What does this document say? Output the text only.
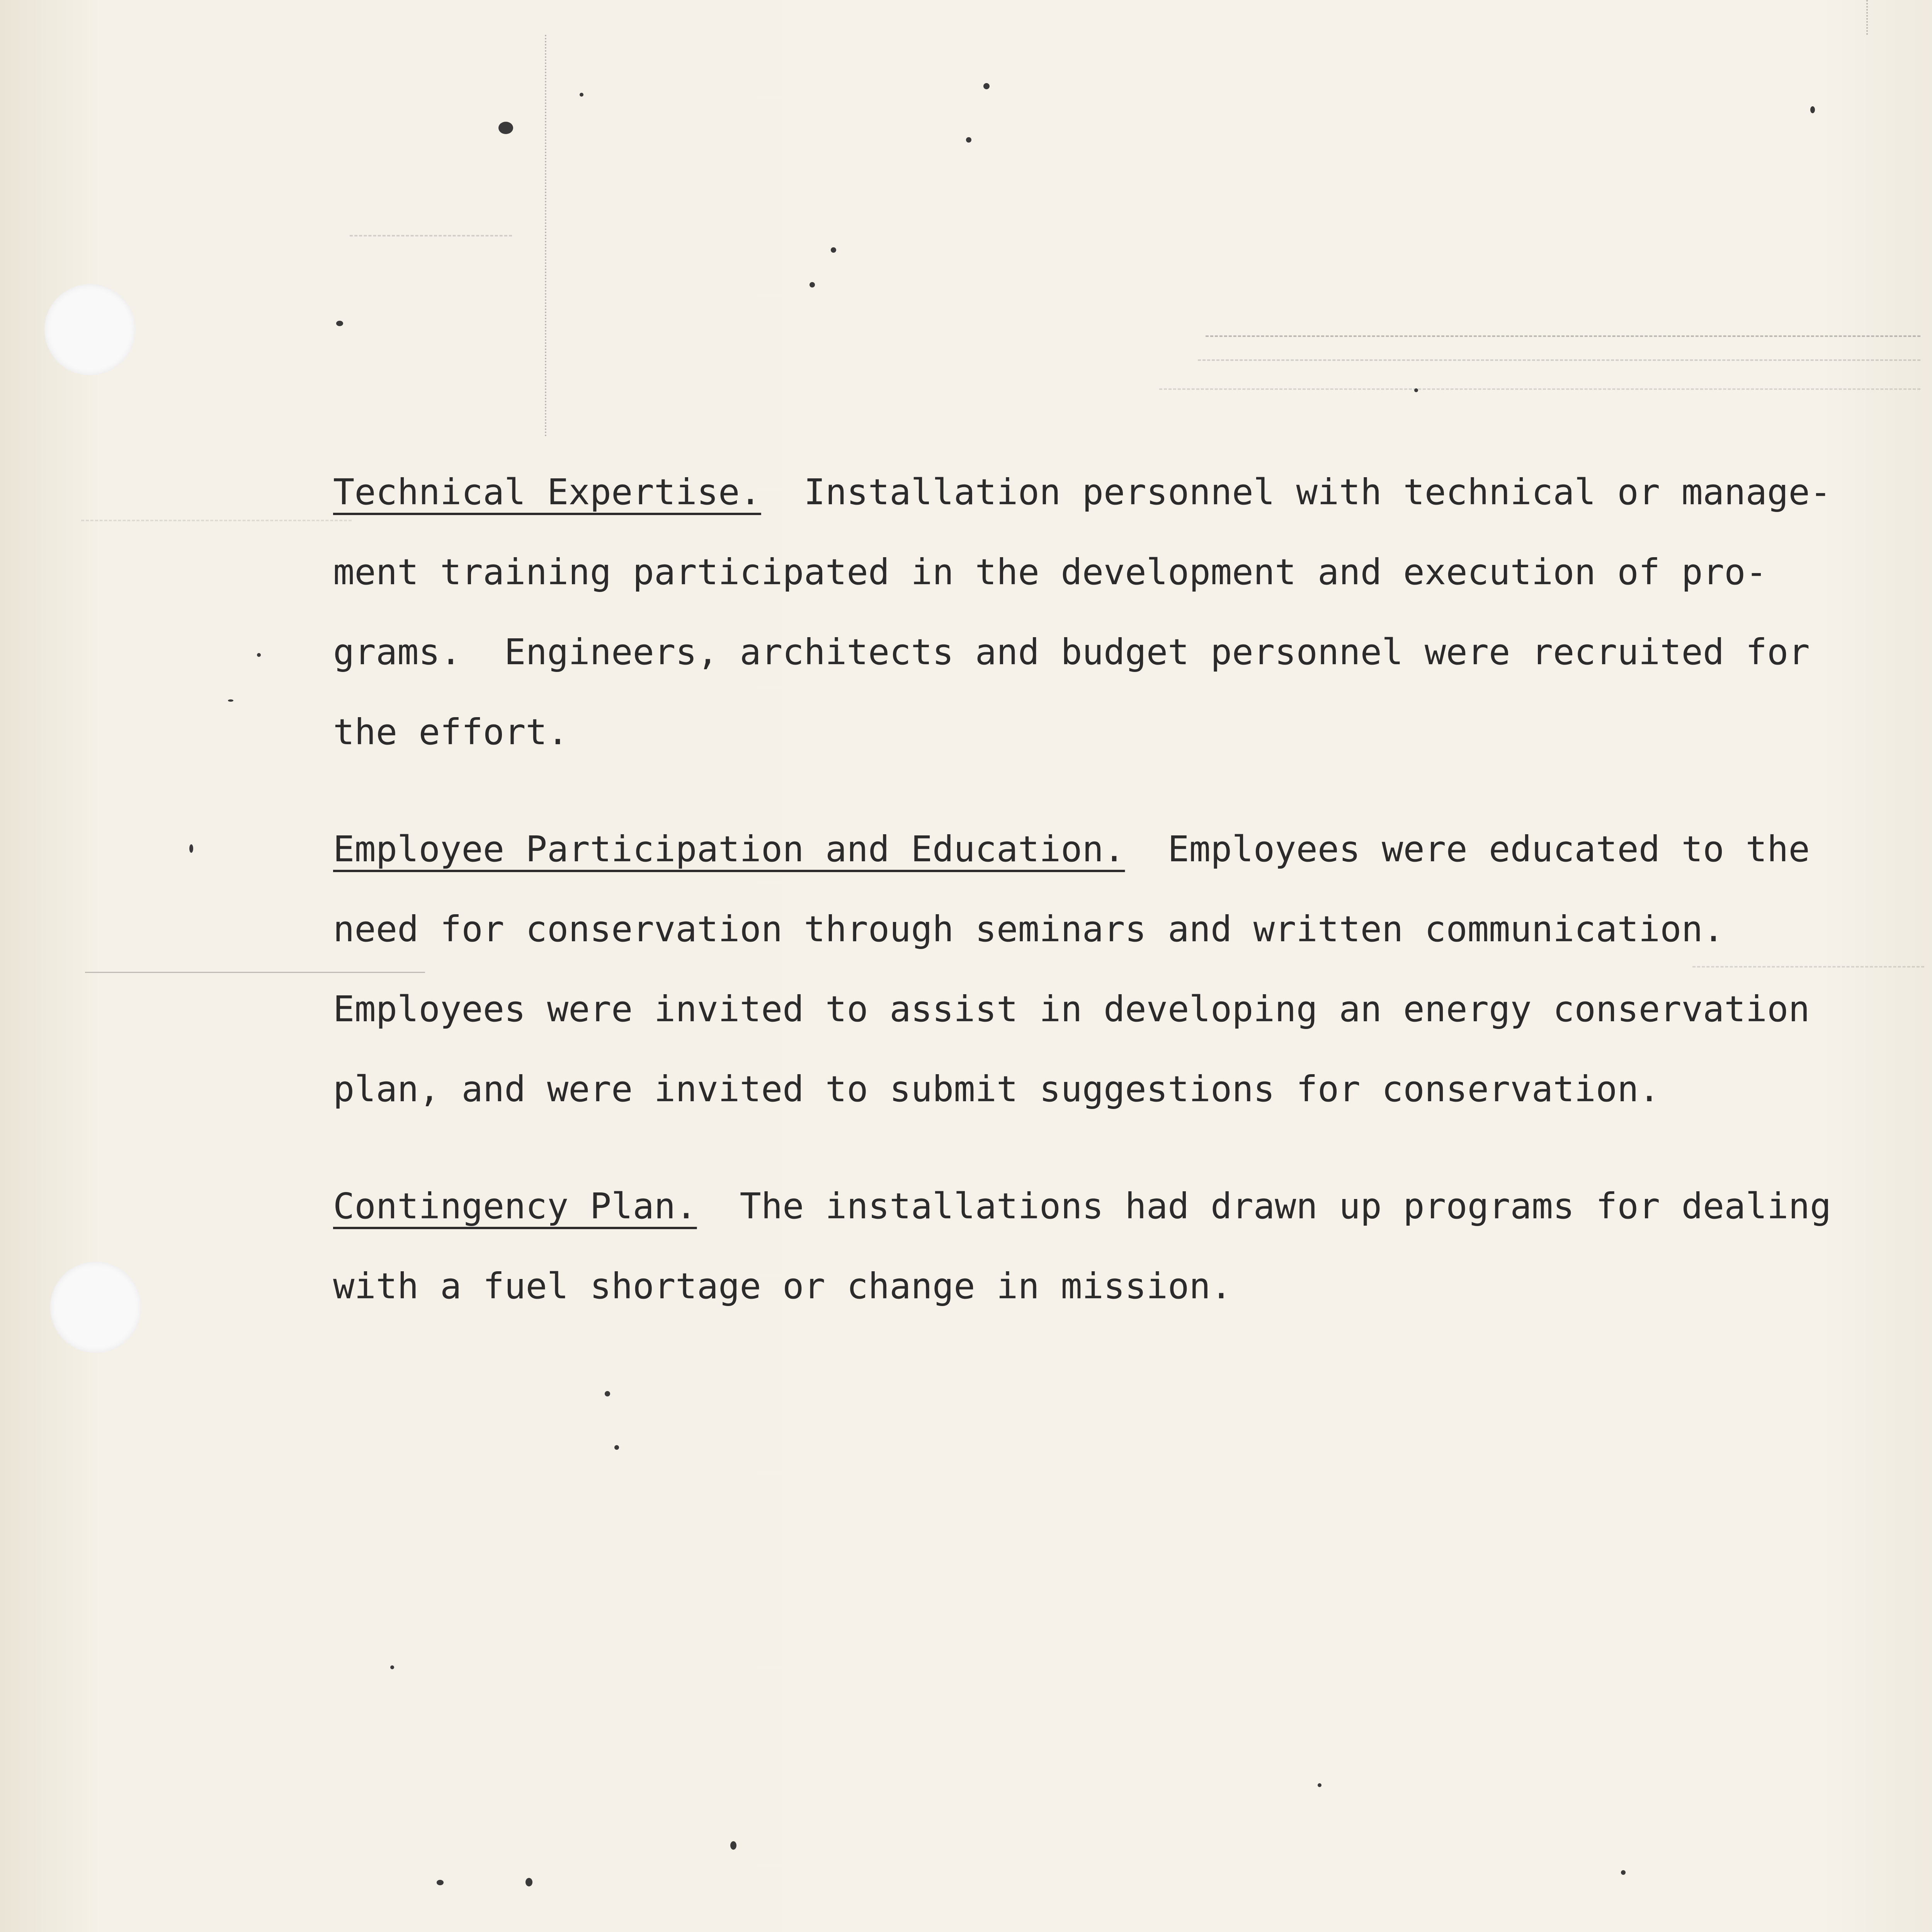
Technical Expertise.  Installation personnel with technical or manage-
ment training participated in the development and execution of pro-
grams.  Engineers, architects and budget personnel were recruited for
the effort.

Employee Participation and Education.  Employees were educated to the
need for conservation through seminars and written communication.
Employees were invited to assist in developing an energy conservation
plan, and were invited to submit suggestions for conservation.

Contingency Plan.  The installations had drawn up programs for dealing
with a fuel shortage or change in mission.
